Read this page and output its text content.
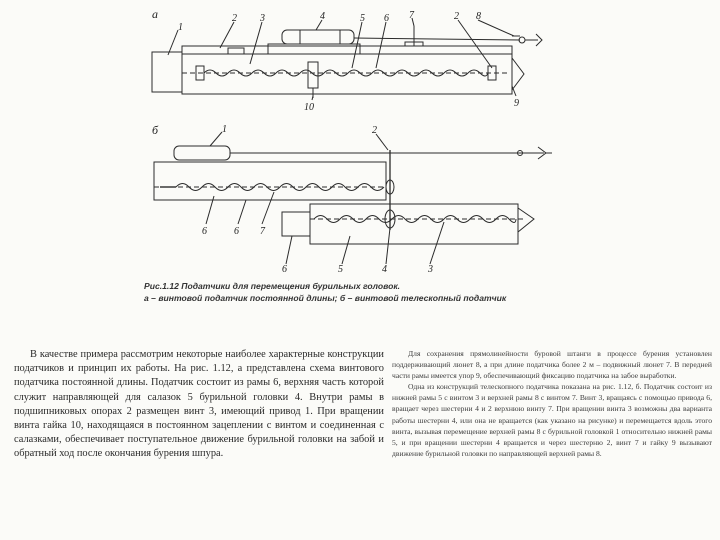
а
1
2 3	4	5 6 7	2 8
9
10
б	1	2
6	6 7
6	5	4	3
Рис.1.12 Податчики для перемещения бурильных головок.
а – винтовой податчик постоянной длины; б – винтовой телескопный податчик

В качестве примера рассмотрим некоторые наиболее характерные конструкции податчиков и принцип их работы. На рис. 1.12, а представлена схема винтового податчика постоянной длины. Податчик состоит из рамы 6, верхняя часть которой служит направляющей для салазок 5 бурильной головки 4. Внутри рамы в подшипниковых опорах 2 размещен винт 3, имеющий привод 1. При вращении винта гайка 10, находящаяся в постоянном зацеплении с винтом и соединенная с салазками, обеспечивает поступательное движение бурильной головки на забой и обратный ход после окончания бурения шпура.

Для сохранения прямолинейности буровой штанги в процессе бурения установлен поддерживающий люнет 8, а при длине податчика более 2 м – подвижный люнет 7. В передней части рамы имеется упор 9, обеспечивающий фиксацию податчика на забое выработки.

Одна из конструкций телескопного податчика показана на рис. 1.12, б. Податчик состоит из нижней рамы 5 с винтом 3 и верхней рамы 8 с винтом 7. Винт 3, вращаясь с помощью привода 6, вращает через шестерни 4 и 2 верхнюю винту 7. При вращении винта 3 возможны два варианта работы шестерни 4, или она не вращается (как указано на рисунке) и перемещается вдоль этого винта, вызывая перемещение верхней рамы 8 с бурильной головкой 1 относительно нижней рамы 5, и при вращении шестерни 4 вращается и через шестерню 2, винт 7 и гайку 9 вызывают движение бурильной головки по направляющей верхней рамы 8.
